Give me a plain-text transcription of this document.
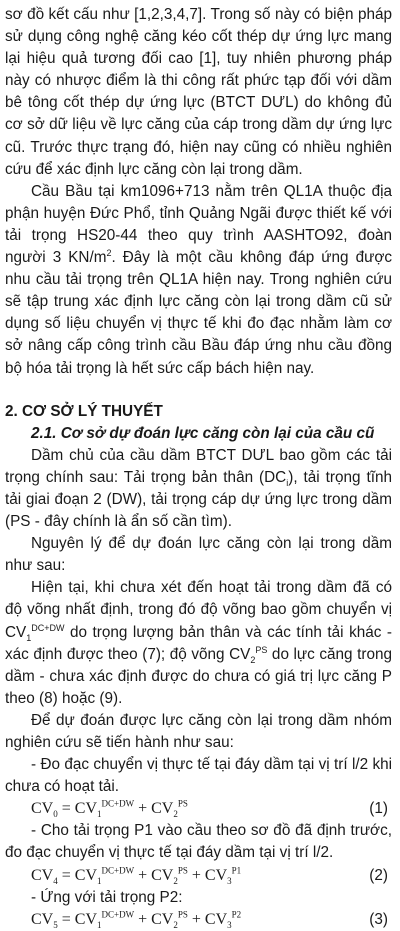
sơ đồ kết cấu như [1,2,3,4,7]. Trong số này có biện pháp sử dụng công nghệ căng kéo cốt thép dự ứng lực mang lại hiệu quả tương đối cao [1], tuy nhiên phương pháp này có nhược điểm là thi công rất phức tạp đối với dầm bê tông cốt thép dự ứng lực (BTCT DƯL) do không đủ cơ sở dữ liệu về lực căng của cáp trong dầm dự ứng lực cũ. Trước thực trạng đó, hiện nay cũng có nhiều nghiên cứu để xác định lực căng còn lại trong dầm.

Cầu Bầu tại km1096+713 nằm trên QL1A thuộc địa phận huyện Đức Phổ, tỉnh Quảng Ngãi được thiết kế với tải trọng HS20-44 theo quy trình AASHTO92, đoàn người 3 $KN/m^2$. Đây là một cầu không đáp ứng được nhu cầu tải trọng trên QL1A hiện nay. Trong nghiên cứu sẽ tập trung xác định lực căng còn lại trong dầm cũ sử dụng số liệu chuyển vị thực tế khi đo đạc nhằm làm cơ sở nâng cấp công trình cầu Bầu đáp ứng nhu cầu đồng bộ hóa tải trọng là hết sức cấp bách hiện nay.

2. CƠ SỞ LÝ THUYẾT
2.1. Cơ sở dự đoán lực căng còn lại của cầu cũ

Dầm chủ của cầu dầm BTCT DƯL bao gồm các tải trọng chính sau: Tải trọng bản thân $(DC_i)$, tải trọng tĩnh tải giai đoạn 2 (DW), tải trọng cáp dự ứng lực trong dầm (PS - đây chính là ẩn số cần tìm).

Nguyên lý để dự đoán lực căng còn lại trong dầm như sau:

Hiện tại, khi chưa xét đến hoạt tải trong dầm đã có độ võng nhất định, trong đó độ võng bao gồm chuyển vị $CV_1^{DC+DW}$ do trọng lượng bản thân và các tính tải khác - xác định được theo (7); độ võng $CV_2^{PS}$ do lực căng trong dầm - chưa xác định được do chưa có giá trị lực căng P theo (8) hoặc (9).

Để dự đoán được lực căng còn lại trong dầm nhóm nghiên cứu sẽ tiến hành như sau:

- Đo đạc chuyển vị thực tế tại đáy dầm tại vị trí l/2 khi chưa có hoạt tải.

$CV_0 = CV_1^{DC+DW} + CV_2^{PS}$	(1)

- Cho tải trọng P1 vào cầu theo sơ đồ đã định trước, đo đạc chuyển vị thực tế tại đáy dầm tại vị trí l/2.

$CV_4 = CV_1^{DC+DW} + CV_2^{PS} + CV_3^{P1}$	(2)

- Ứng với tải trọng P2:

$CV_5 = CV_1^{DC+DW} + CV_2^{PS} + CV_3^{P2}$	(3)
